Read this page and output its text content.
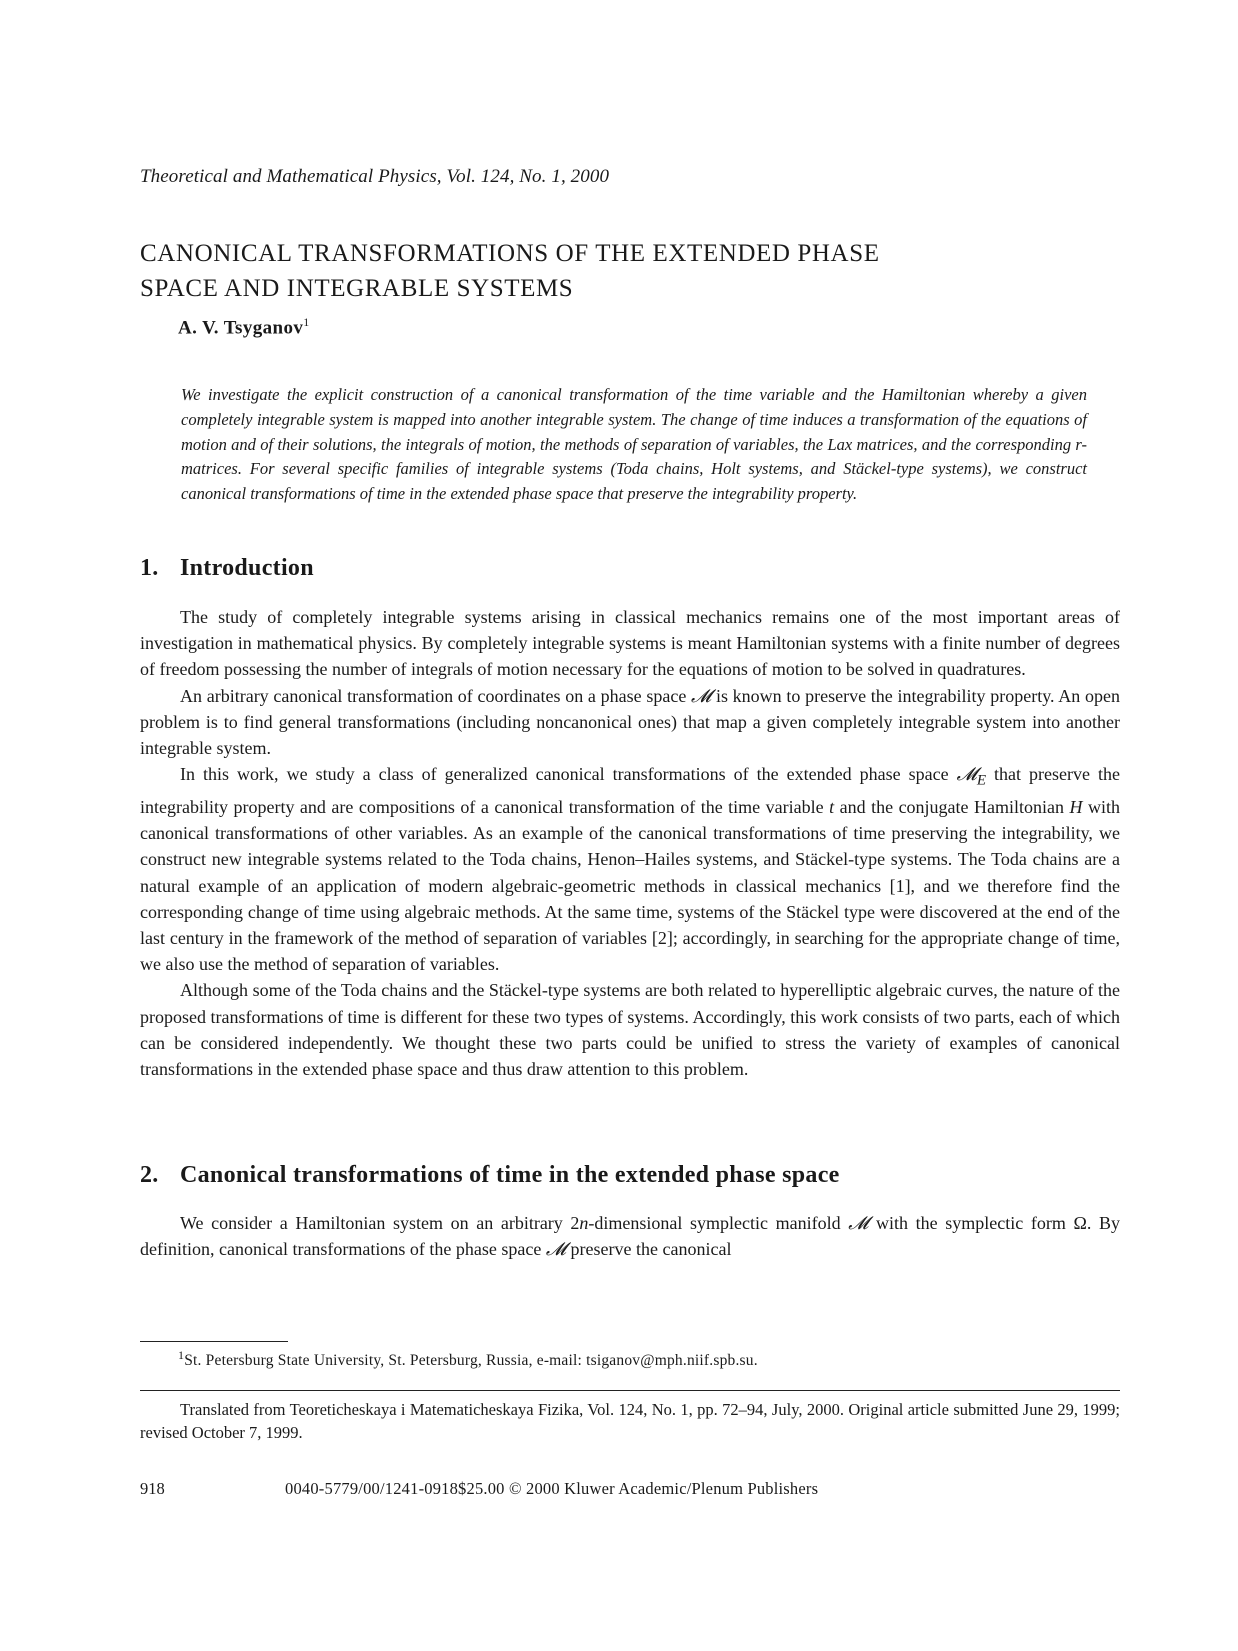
Theoretical and Mathematical Physics, Vol. 124, No. 1, 2000
CANONICAL TRANSFORMATIONS OF THE EXTENDED PHASE
SPACE AND INTEGRABLE SYSTEMS
A. V. Tsyganov$^1$

We investigate the explicit construction of a canonical transformation of the time variable and the Hamiltonian whereby a given completely integrable system is mapped into another integrable system. The change of time induces a transformation of the equations of motion and of their solutions, the integrals of motion, the methods of separation of variables, the Lax matrices, and the corresponding r-matrices. For several specific families of integrable systems (Toda chains, Holt systems, and Stäckel-type systems), we construct canonical transformations of time in the extended phase space that preserve the integrability property.

1. Introduction

The study of completely integrable systems arising in classical mechanics remains one of the most important areas of investigation in mathematical physics. By completely integrable systems is meant Hamiltonian systems with a finite number of degrees of freedom possessing the number of integrals of motion necessary for the equations of motion to be solved in quadratures.

An arbitrary canonical transformation of coordinates on a phase space 𝓜 is known to preserve the integrability property. An open problem is to find general transformations (including noncanonical ones) that map a given completely integrable system into another integrable system.

In this work, we study a class of generalized canonical transformations of the extended phase space 𝓜$_E$ that preserve the integrability property and are compositions of a canonical transformation of the time variable t and the conjugate Hamiltonian H with canonical transformations of other variables. As an example of the canonical transformations of time preserving the integrability, we construct new integrable systems related to the Toda chains, Henon–Hailes systems, and Stäckel-type systems. The Toda chains are a natural example of an application of modern algebraic-geometric methods in classical mechanics [1], and we therefore find the corresponding change of time using algebraic methods. At the same time, systems of the Stäckel type were discovered at the end of the last century in the framework of the method of separation of variables [2]; accordingly, in searching for the appropriate change of time, we also use the method of separation of variables.

Although some of the Toda chains and the Stäckel-type systems are both related to hyperelliptic algebraic curves, the nature of the proposed transformations of time is different for these two types of systems. Accordingly, this work consists of two parts, each of which can be considered independently. We thought these two parts could be unified to stress the variety of examples of canonical transformations in the extended phase space and thus draw attention to this problem.

2. Canonical transformations of time in the extended phase space

We consider a Hamiltonian system on an arbitrary 2n-dimensional symplectic manifold 𝓜 with the symplectic form Ω. By definition, canonical transformations of the phase space 𝓜 preserve the canonical

$^1$St. Petersburg State University, St. Petersburg, Russia, e-mail: tsiganov@mph.niif.spb.su.

Translated from Teoreticheskaya i Matematicheskaya Fizika, Vol. 124, No. 1, pp. 72–94, July, 2000. Original article submitted June 29, 1999; revised October 7, 1999.

918	0040-5779/00/1241-0918$25.00 © 2000 Kluwer Academic/Plenum Publishers
